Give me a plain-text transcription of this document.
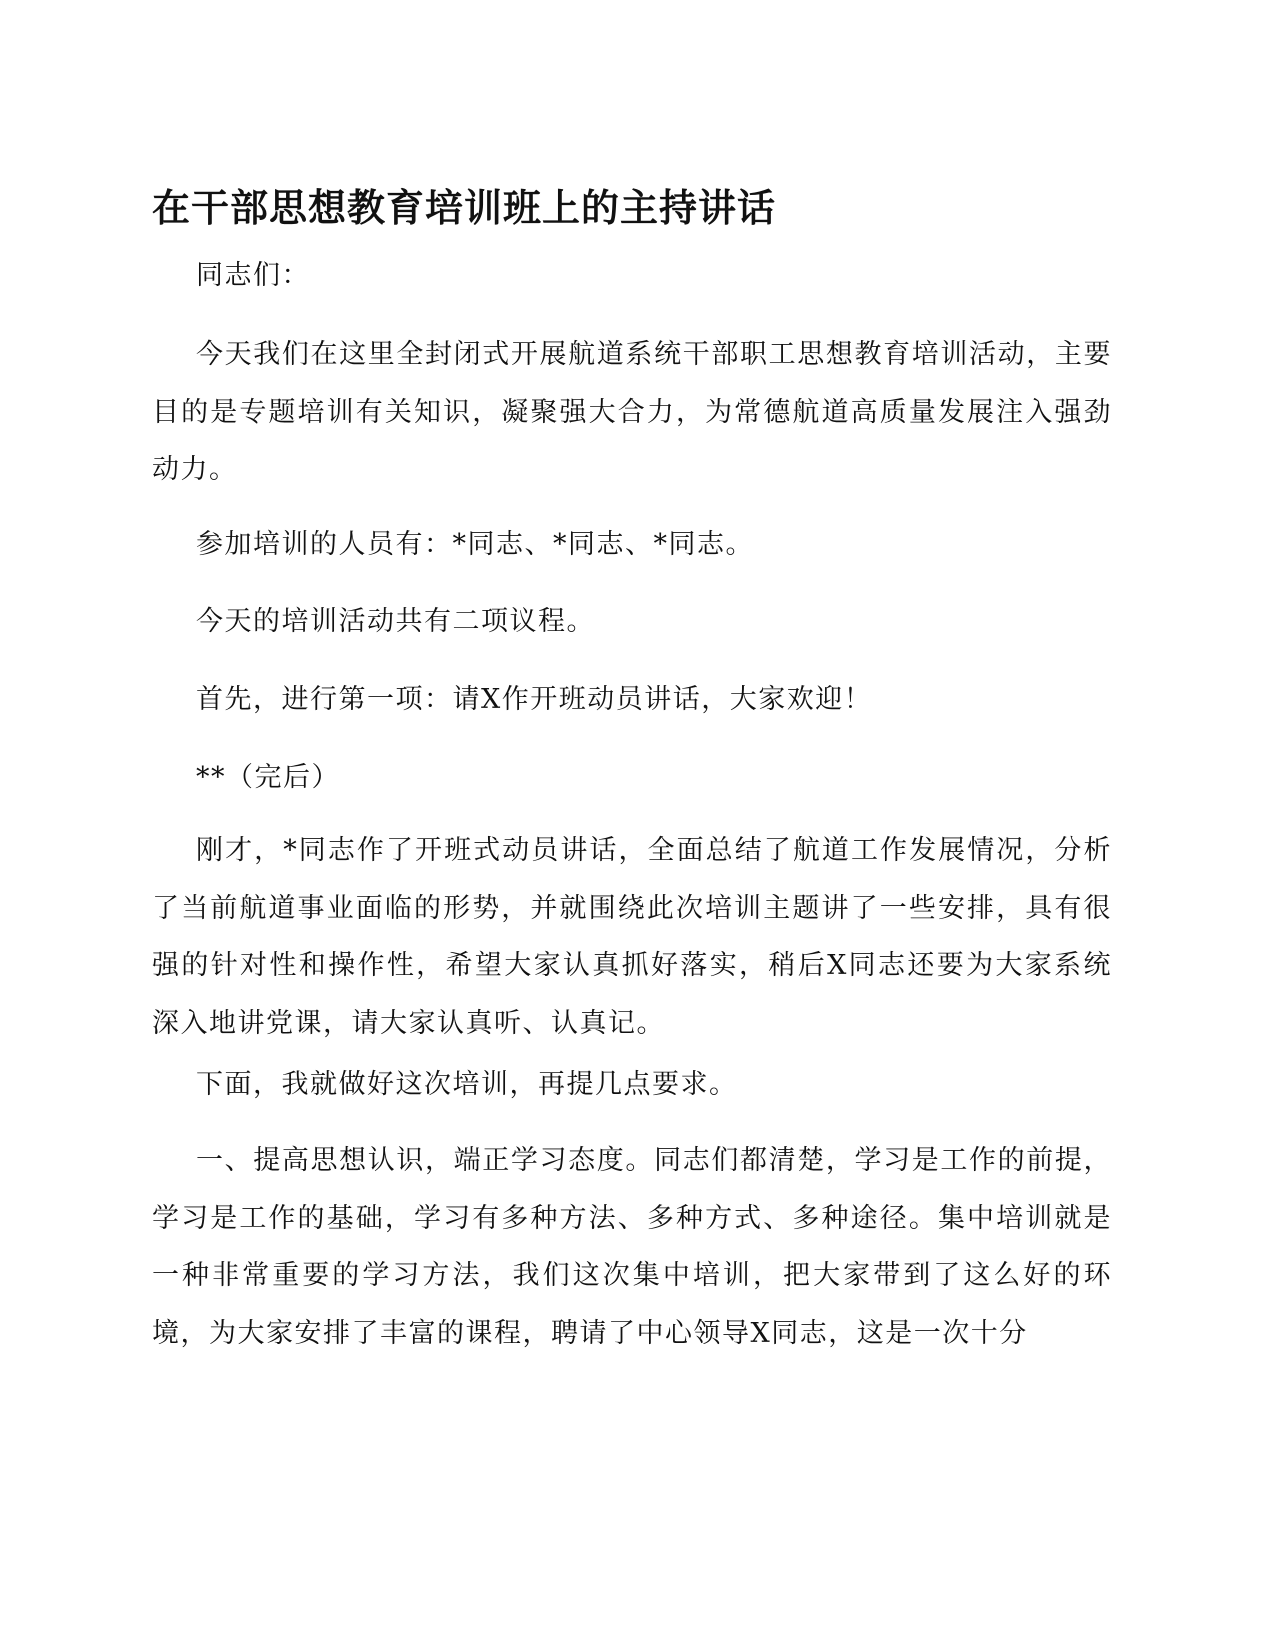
在干部思想教育培训班上的主持讲话

同志们：

今天我们在这里全封闭式开展航道系统干部职工思想教育培训活动，主要目的是专题培训有关知识，凝聚强大合力，为常德航道高质量发展注入强劲动力。

参加培训的人员有：*同志、*同志、*同志。

今天的培训活动共有二项议程。

首先，进行第一项：请X作开班动员讲话，大家欢迎！

**（完后）

刚才，*同志作了开班式动员讲话，全面总结了航道工作发展情况，分析了当前航道事业面临的形势，并就围绕此次培训主题讲了一些安排，具有很强的针对性和操作性，希望大家认真抓好落实，稍后X同志还要为大家系统深入地讲党课，请大家认真听、认真记。

下面，我就做好这次培训，再提几点要求。

一、提高思想认识，端正学习态度。同志们都清楚，学习是工作的前提，学习是工作的基础，学习有多种方法、多种方式、多种途径。集中培训就是一种非常重要的学习方法，我们这次集中培训，把大家带到了这么好的环境，为大家安排了丰富的课程，聘请了中心领导X同志，这是一次十分
